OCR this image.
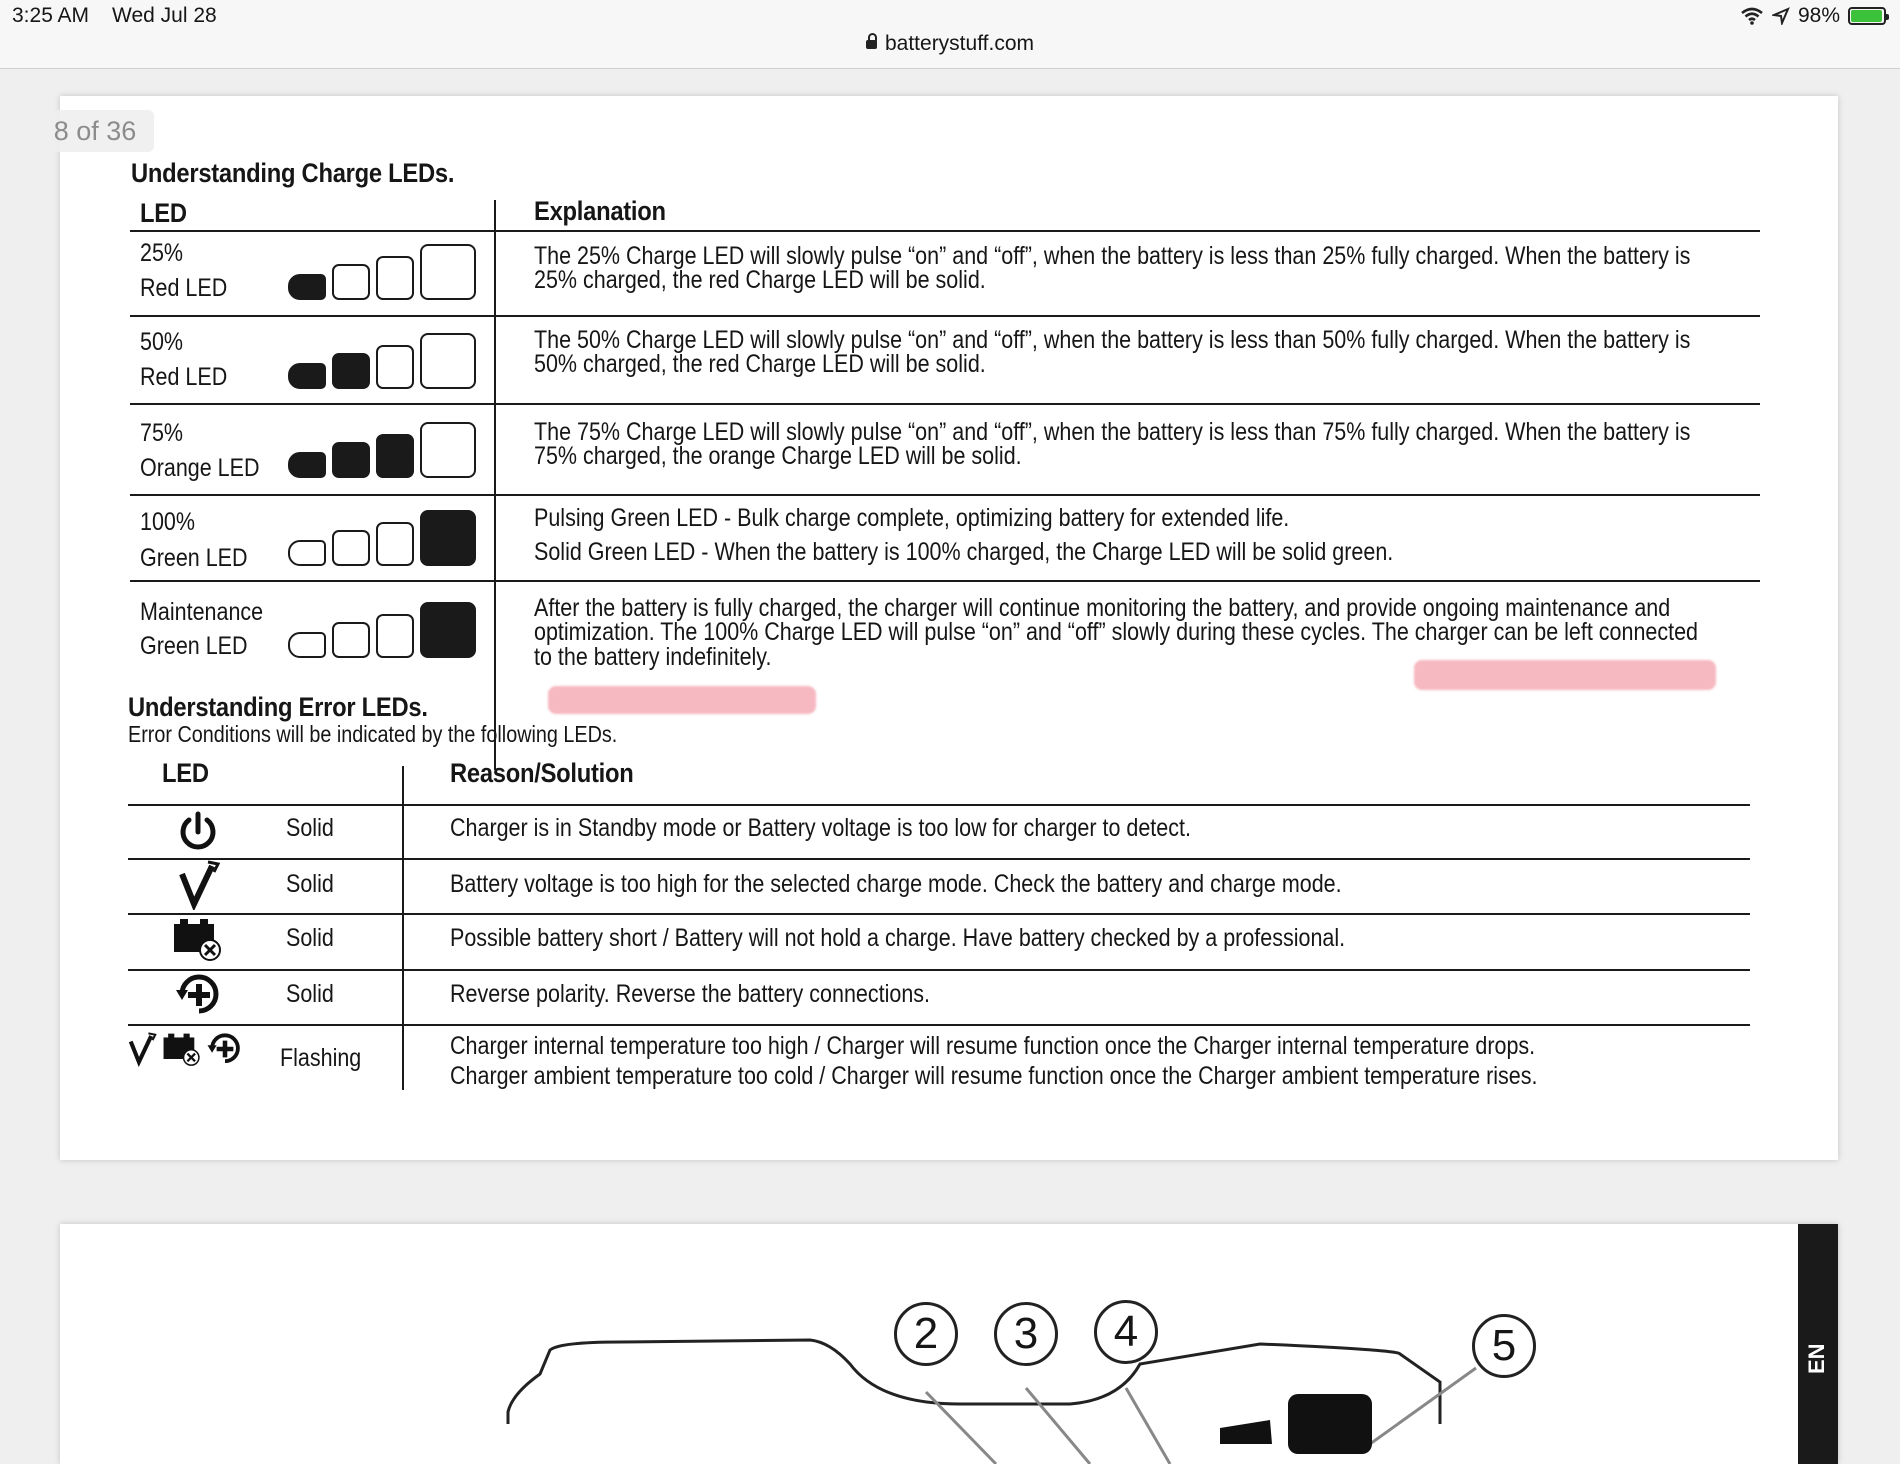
3:25 AM Wed Jul 28	98%
batterystuff.com
Understanding Charge LEDs.
LED	Explanation
25%
Red LED
The 25% Charge LED will slowly pulse “on” and “off”, when the battery is less than 25% fully charged. When the battery is
25% charged, the red Charge LED will be solid.
50%
Red LED
The 50% Charge LED will slowly pulse “on” and “off”, when the battery is less than 50% fully charged. When the battery is
50% charged, the red Charge LED will be solid.
75%
Orange LED
The 75% Charge LED will slowly pulse “on” and “off”, when the battery is less than 75% fully charged. When the battery is
75% charged, the orange Charge LED will be solid.
100%
Green LED
Pulsing Green LED - Bulk charge complete, optimizing battery for extended life.
Solid Green LED - When the battery is 100% charged, the Charge LED will be solid green.
Maintenance
Green LED
After the battery is fully charged, the charger will continue monitoring the battery, and provide ongoing maintenance and
optimization. The 100% Charge LED will pulse “on” and “off” slowly during these cycles. The charger can be left connected
to the battery indefinitely.
Understanding Error LEDs.
Error Conditions will be indicated by the following LEDs.
LED	Reason/Solution
Solid	Charger is in Standby mode or Battery voltage is too low for charger to detect.
Solid	Battery voltage is too high for the selected charge mode. Check the battery and charge mode.
Solid	Possible battery short / Battery will not hold a charge. Have battery checked by a professional.
Solid	Reverse polarity. Reverse the battery connections.
Flashing	Charger internal temperature too high / Charger will resume function once the Charger internal temperature drops.
Charger ambient temperature too cold / Charger will resume function once the Charger ambient temperature rises.
8 of 36
2	3	4	5	EN
